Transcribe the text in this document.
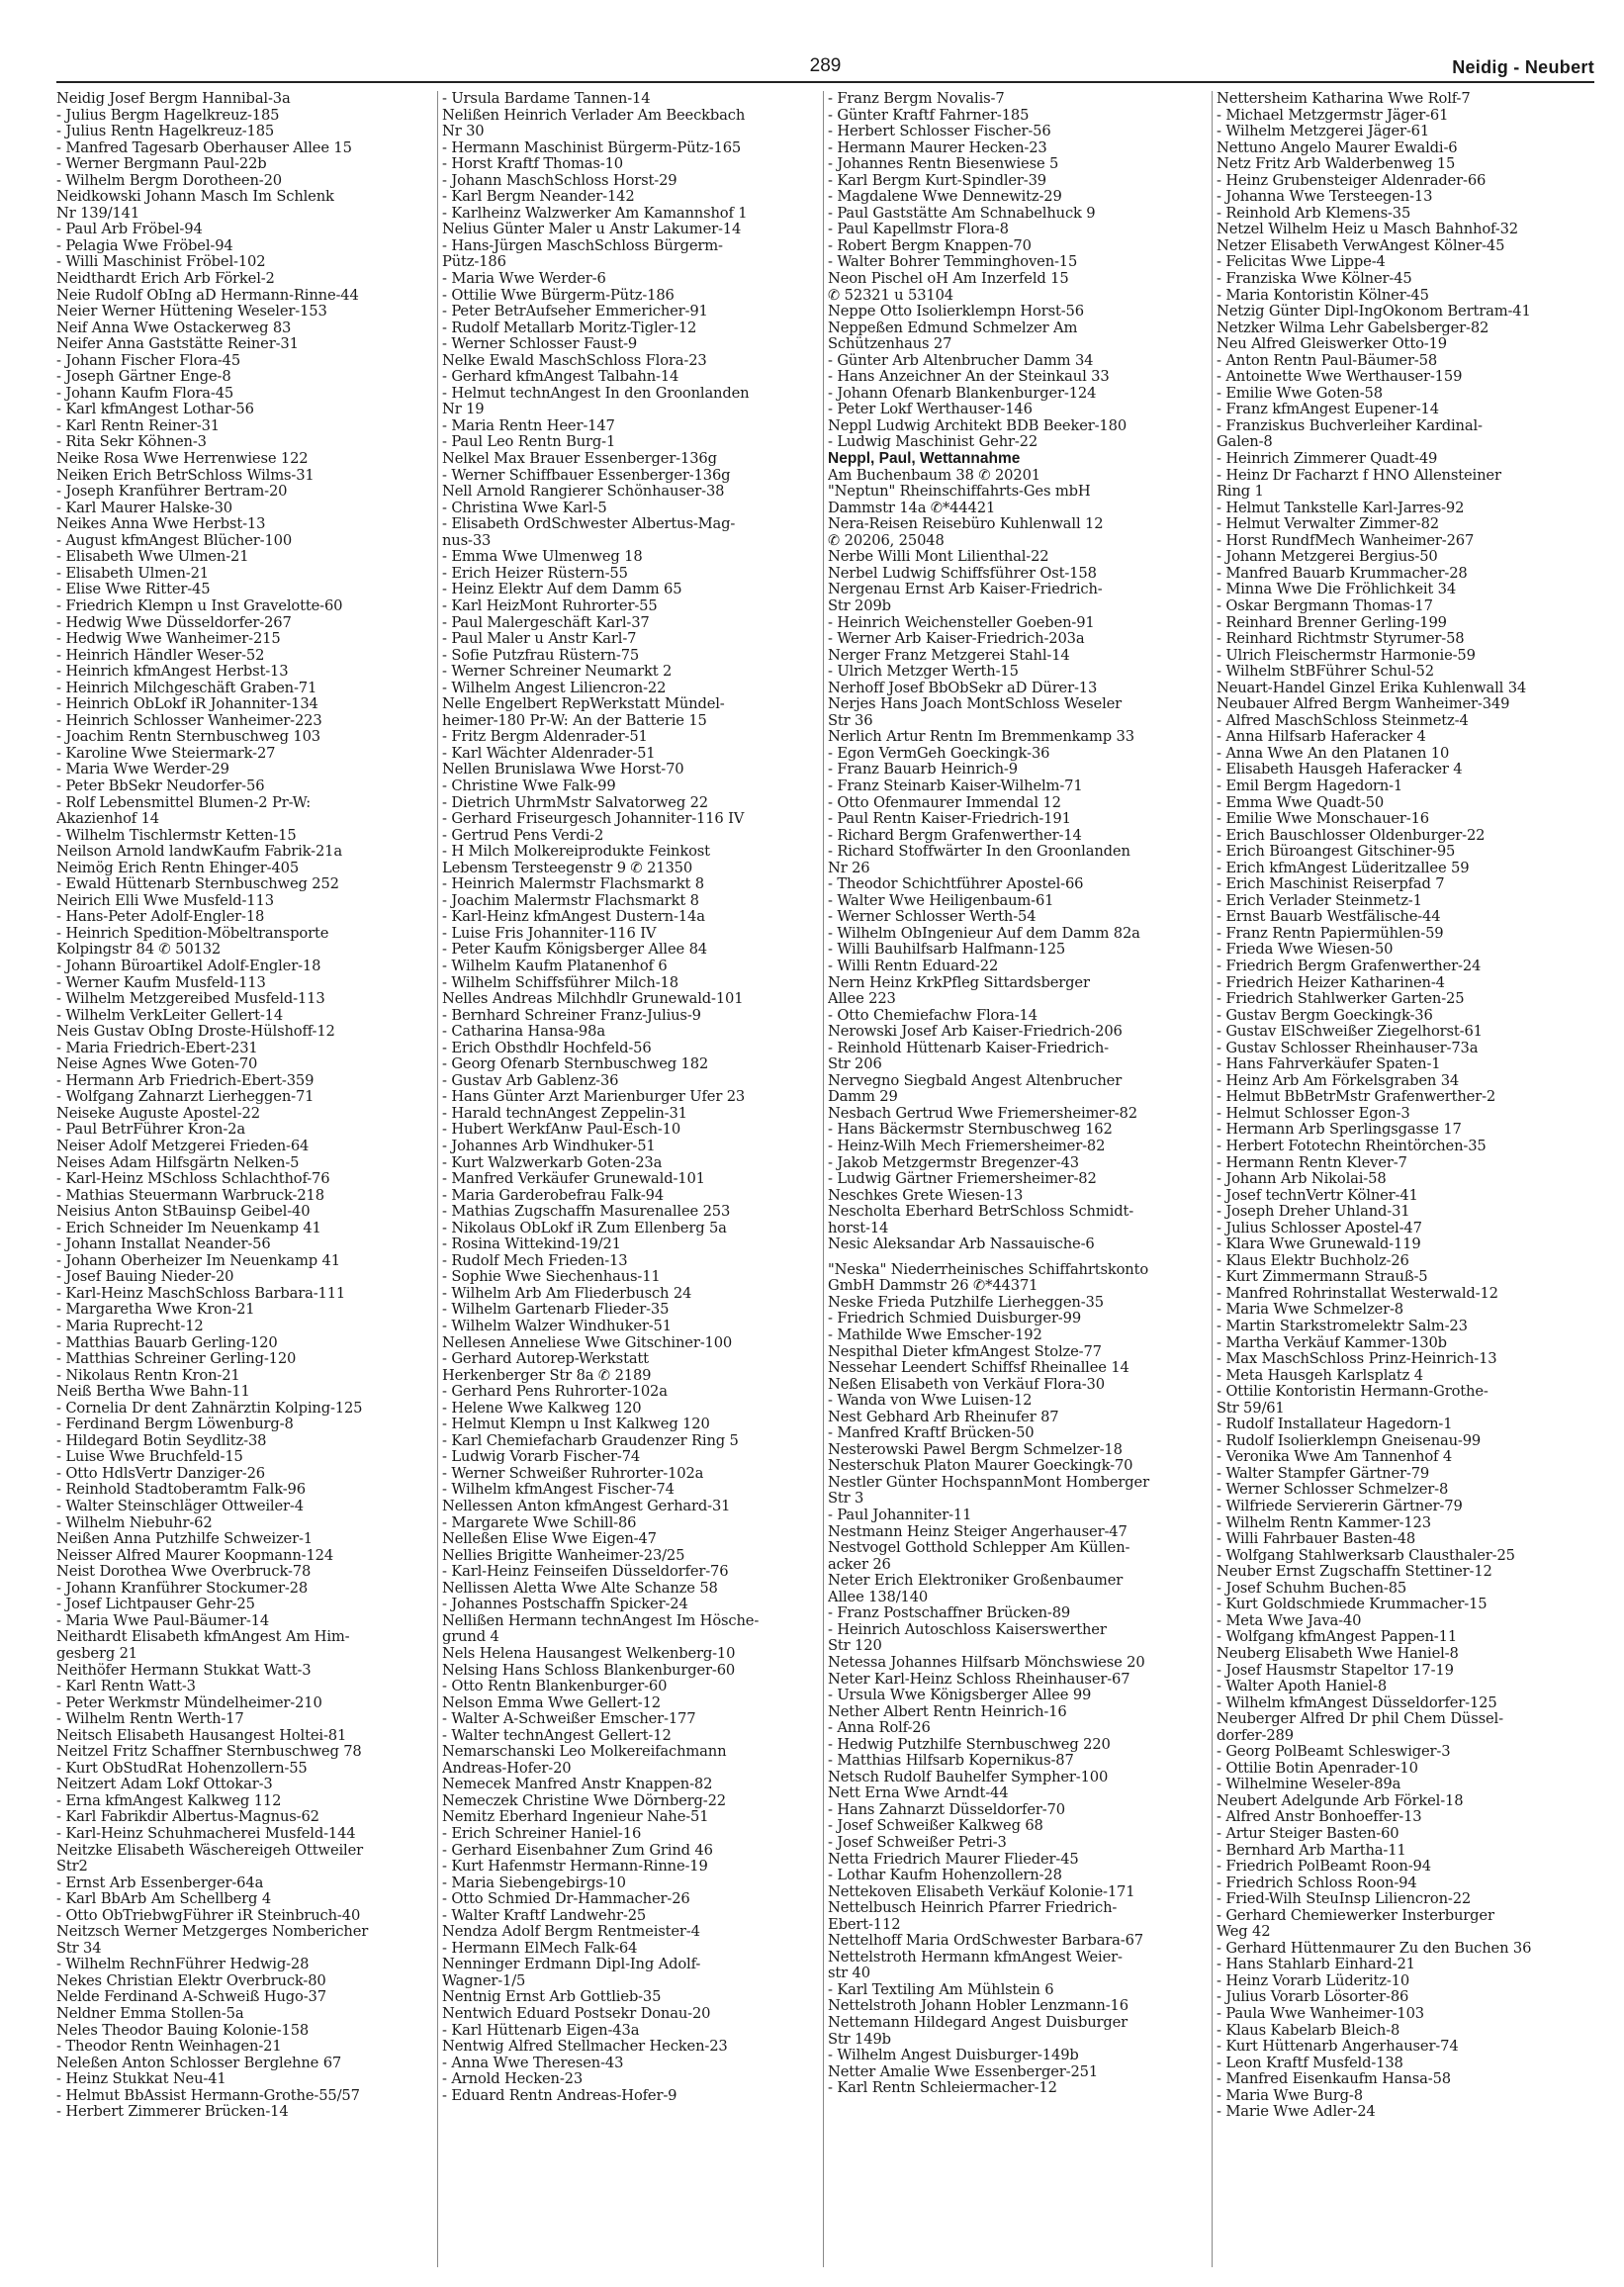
289	Neidig - Neubert
Neidig Josef Bergm Hannibal-3a
- Julius Bergm Hagelkreuz-185
- Julius Rentn Hagelkreuz-185
- Manfred Tagesarb Oberhauser Allee 15
- Werner Bergmann Paul-22b
- Wilhelm Bergm Dorotheen-20
Neidkowski Johann Masch Im Schlenk
Nr 139/141
- Paul Arb Fröbel-94
- Pelagia Wwe Fröbel-94
- Willi Maschinist Fröbel-102
Neidthardt Erich Arb Förkel-2
Neie Rudolf ObIng aD Hermann-Rinne-44
Neier Werner Hüttening Weseler-153
Neif Anna Wwe Ostackerweg 83
Neifer Anna Gaststätte Reiner-31
- Johann Fischer Flora-45
- Joseph Gärtner Enge-8
- Johann Kaufm Flora-45
- Karl kfmAngest Lothar-56
- Karl Rentn Reiner-31
- Rita Sekr Köhnen-3
Neike Rosa Wwe Herrenwiese 122
Neiken Erich BetrSchloss Wilms-31
- Joseph Kranführer Bertram-20
- Karl Maurer Halske-30
Neikes Anna Wwe Herbst-13
- August kfmAngest Blücher-100
- Elisabeth Wwe Ulmen-21
- Elisabeth Ulmen-21
- Elise Wwe Ritter-45
- Friedrich Klempn u Inst Gravelotte-60
- Hedwig Wwe Düsseldorfer-267
- Hedwig Wwe Wanheimer-215
- Heinrich Händler Weser-52
- Heinrich kfmAngest Herbst-13
- Heinrich Milchgeschäft Graben-71
- Heinrich ObLokf iR Johanniter-134
- Heinrich Schlosser Wanheimer-223
- Joachim Rentn Sternbuschweg 103
- Karoline Wwe Steiermark-27
- Maria Wwe Werder-29
- Peter BbSekr Neudorfer-56
- Rolf Lebensmittel Blumen-2 Pr-W:
Akazienhof 14
- Wilhelm Tischlermstr Ketten-15
Neilson Arnold landwKaufm Fabrik-21a
Neimög Erich Rentn Ehinger-405
- Ewald Hüttenarb Sternbuschweg 252
Neirich Elli Wwe Musfeld-113
- Hans-Peter Adolf-Engler-18
- Heinrich Spedition-Möbeltransporte
Kolpingstr 84 ✆ 50132
- Johann Büroartikel Adolf-Engler-18
- Werner Kaufm Musfeld-113
- Wilhelm Metzgereibed Musfeld-113
- Wilhelm VerkLeiter Gellert-14
Neis Gustav ObIng Droste-Hülshoff-12
- Maria Friedrich-Ebert-231
Neise Agnes Wwe Goten-70
- Hermann Arb Friedrich-Ebert-359
- Wolfgang Zahnarzt Lierheggen-71
Neiseke Auguste Apostel-22
- Paul BetrFührer Kron-2a
Neiser Adolf Metzgerei Frieden-64
Neises Adam Hilfsgärtn Nelken-5
- Karl-Heinz MSchloss Schlachthof-76
- Mathias Steuermann Warbruck-218
Neisius Anton StBauinsp Geibel-40
- Erich Schneider Im Neuenkamp 41
- Johann Installat Neander-56
- Johann Oberheizer Im Neuenkamp 41
- Josef Bauing Nieder-20
- Karl-Heinz MaschSchloss Barbara-111
- Margaretha Wwe Kron-21
- Maria Ruprecht-12
- Matthias Bauarb Gerling-120
- Matthias Schreiner Gerling-120
- Nikolaus Rentn Kron-21
Neiß Bertha Wwe Bahn-11
- Cornelia Dr dent Zahnärztin Kolping-125
- Ferdinand Bergm Löwenburg-8
- Hildegard Botin Seydlitz-38
- Luise Wwe Bruchfeld-15
- Otto HdlsVertr Danziger-26
- Reinhold Stadtoberamtm Falk-96
- Walter Steinschläger Ottweiler-4
- Wilhelm Niebuhr-62
Neißen Anna Putzhilfe Schweizer-1
Neisser Alfred Maurer Koopmann-124
Neist Dorothea Wwe Overbruck-78
- Johann Kranführer Stockumer-28
- Josef Lichtpauser Gehr-25
- Maria Wwe Paul-Bäumer-14
Neithardt Elisabeth kfmAngest Am Him-
gesberg 21
Neithöfer Hermann Stukkat Watt-3
- Karl Rentn Watt-3
- Peter Werkmstr Mündelheimer-210
- Wilhelm Rentn Werth-17
Neitsch Elisabeth Hausangest Holtei-81
Neitzel Fritz Schaffner Sternbuschweg 78
- Kurt ObStudRat Hohenzollern-55
Neitzert Adam Lokf Ottokar-3
- Erna kfmAngest Kalkweg 112
- Karl Fabrikdir Albertus-Magnus-62
- Karl-Heinz Schuhmacherei Musfeld-144
Neitzke Elisabeth Wäschereigeh Ottweiler
Str2
- Ernst Arb Essenberger-64a
- Karl BbArb Am Schellberg 4
- Otto ObTriebwgFührer iR Steinbruch-40
Neitzsch Werner Metzgerges Nombericher
Str 34
- Wilhelm RechnFührer Hedwig-28
Nekes Christian Elektr Overbruck-80
Nelde Ferdinand A-Schweiß Hugo-37
Neldner Emma Stollen-5a
Neles Theodor Bauing Kolonie-158
- Theodor Rentn Weinhagen-21
Neleßen Anton Schlosser Berglehne 67
- Heinz Stukkat Neu-41
- Helmut BbAssist Hermann-Grothe-55/57
- Herbert Zimmerer Brücken-14
- Ursula Bardame Tannen-14
Nelißen Heinrich Verlader Am Beeckbach
Nr 30
- Hermann Maschinist Bürgerm-Pütz-165
- Horst Kraftf Thomas-10
- Johann MaschSchloss Horst-29
- Karl Bergm Neander-142
- Karlheinz Walzwerker Am Kamannshof 1
Nelius Günter Maler u Anstr Lakumer-14
- Hans-Jürgen MaschSchloss Bürgerm-
Pütz-186
- Maria Wwe Werder-6
- Ottilie Wwe Bürgerm-Pütz-186
- Peter BetrAufseher Emmericher-91
- Rudolf Metallarb Moritz-Tigler-12
- Werner Schlosser Faust-9
Nelke Ewald MaschSchloss Flora-23
- Gerhard kfmAngest Talbahn-14
- Helmut technAngest In den Groonlanden
Nr 19
- Maria Rentn Heer-147
- Paul Leo Rentn Burg-1
Nelkel Max Brauer Essenberger-136g
- Werner Schiffbauer Essenberger-136g
Nell Arnold Rangierer Schönhauser-38
- Christina Wwe Karl-5
- Elisabeth OrdSchwester Albertus-Mag-
nus-33
- Emma Wwe Ulmenweg 18
- Erich Heizer Rüstern-55
- Heinz Elektr Auf dem Damm 65
- Karl HeizMont Ruhrorter-55
- Paul Malergeschäft Karl-37
- Paul Maler u Anstr Karl-7
- Sofie Putzfrau Rüstern-75
- Werner Schreiner Neumarkt 2
- Wilhelm Angest Liliencron-22
Nelle Engelbert RepWerkstatt Mündel-
heimer-180 Pr-W: An der Batterie 15
- Fritz Bergm Aldenrader-51
- Karl Wächter Aldenrader-51
Nellen Brunislawa Wwe Horst-70
- Christine Wwe Falk-99
- Dietrich UhrmMstr Salvatorweg 22
- Gerhard Friseurgesch Johanniter-116 IV
- Gertrud Pens Verdi-2
- H Milch Molkereiprodukte Feinkost
Lebensm Tersteegenstr 9 ✆ 21350
- Heinrich Malermstr Flachsmarkt 8
- Joachim Malermstr Flachsmarkt 8
- Karl-Heinz kfmAngest Dustern-14a
- Luise Fris Johanniter-116 IV
- Peter Kaufm Königsberger Allee 84
- Wilhelm Kaufm Platanenhof 6
- Wilhelm Schiffsführer Milch-18
Nelles Andreas Milchhdlr Grunewald-101
- Bernhard Schreiner Franz-Julius-9
- Catharina Hansa-98a
- Erich Obsthdlr Hochfeld-56
- Georg Ofenarb Sternbuschweg 182
- Gustav Arb Gablenz-36
- Hans Günter Arzt Marienburger Ufer 23
- Harald technAngest Zeppelin-31
- Hubert WerkfAnw Paul-Esch-10
- Johannes Arb Windhuker-51
- Kurt Walzwerkarb Goten-23a
- Manfred Verkäufer Grunewald-101
- Maria Garderobefrau Falk-94
- Mathias Zugschaffn Masurenallee 253
- Nikolaus ObLokf iR Zum Ellenberg 5a
- Rosina Wittekind-19/21
- Rudolf Mech Frieden-13
- Sophie Wwe Siechenhaus-11
- Wilhelm Arb Am Fliederbusch 24
- Wilhelm Gartenarb Flieder-35
- Wilhelm Walzer Windhuker-51
Nellesen Anneliese Wwe Gitschiner-100
- Gerhard Autorep-Werkstatt
Herkenberger Str 8a ✆ 2189
- Gerhard Pens Ruhrorter-102a
- Helene Wwe Kalkweg 120
- Helmut Klempn u Inst Kalkweg 120
- Karl Chemiefacharb Graudenzer Ring 5
- Ludwig Vorarb Fischer-74
- Werner Schweißer Ruhrorter-102a
- Wilhelm kfmAngest Fischer-74
Nellessen Anton kfmAngest Gerhard-31
- Margarete Wwe Schill-86
Nelleßen Elise Wwe Eigen-47
Nellies Brigitte Wanheimer-23/25
- Karl-Heinz Feinseifen Düsseldorfer-76
Nellissen Aletta Wwe Alte Schanze 58
- Johannes Postschaffn Spicker-24
Nellißen Hermann technAngest Im Hösche-
grund 4
Nels Helena Hausangest Welkenberg-10
Nelsing Hans Schloss Blankenburger-60
- Otto Rentn Blankenburger-60
Nelson Emma Wwe Gellert-12
- Walter A-Schweißer Emscher-177
- Walter technAngest Gellert-12
Nemarschanski Leo Molkereifachmann
Andreas-Hofer-20
Nemecek Manfred Anstr Knappen-82
Nemeczek Christine Wwe Dörnberg-22
Nemitz Eberhard Ingenieur Nahe-51
- Erich Schreiner Haniel-16
- Gerhard Eisenbahner Zum Grind 46
- Kurt Hafenmstr Hermann-Rinne-19
- Maria Siebengebirgs-10
- Otto Schmied Dr-Hammacher-26
- Walter Kraftf Landwehr-25
Nendza Adolf Bergm Rentmeister-4
- Hermann ElMech Falk-64
Nenninger Erdmann Dipl-Ing Adolf-
Wagner-1/5
Nentnig Ernst Arb Gottlieb-35
Nentwich Eduard Postsekr Donau-20
- Karl Hüttenarb Eigen-43a
Nentwig Alfred Stellmacher Hecken-23
- Anna Wwe Theresen-43
- Arnold Hecken-23
- Eduard Rentn Andreas-Hofer-9
- Franz Bergm Novalis-7
- Günter Kraftf Fahrner-185
- Herbert Schlosser Fischer-56
- Hermann Maurer Hecken-23
- Johannes Rentn Biesenwiese 5
- Karl Bergm Kurt-Spindler-39
- Magdalene Wwe Dennewitz-29
- Paul Gaststätte Am Schnabelhuck 9
- Paul Kapellmstr Flora-8
- Robert Bergm Knappen-70
- Walter Bohrer Temminghoven-15
Neon Pischel oH Am Inzerfeld 15
✆ 52321 u 53104
Neppe Otto Isolierklempn Horst-56
Neppeßen Edmund Schmelzer Am
Schützenhaus 27
- Günter Arb Altenbrucher Damm 34
- Hans Anzeichner An der Steinkaul 33
- Johann Ofenarb Blankenburger-124
- Peter Lokf Werthauser-146
Neppl Ludwig Architekt BDB Beeker-180
- Ludwig Maschinist Gehr-22
Neppl, Paul, Wettannahme
Am Buchenbaum 38 ✆ 20201
"Neptun" Rheinschiffahrts-Ges mbH
Dammstr 14a ✆*44421
Nera-Reisen Reisebüro Kuhlenwall 12
✆ 20206, 25048
Nerbe Willi Mont Lilienthal-22
Nerbel Ludwig Schiffsführer Ost-158
Nergenau Ernst Arb Kaiser-Friedrich-
Str 209b
- Heinrich Weichensteller Goeben-91
- Werner Arb Kaiser-Friedrich-203a
Nerger Franz Metzgerei Stahl-14
- Ulrich Metzger Werth-15
Nerhoff Josef BbObSekr aD Dürer-13
Nerjes Hans Joach MontSchloss Weseler
Str 36
Nerlich Artur Rentn Im Bremmenkamp 33
- Egon VermGeh Goeckingk-36
- Franz Bauarb Heinrich-9
- Franz Steinarb Kaiser-Wilhelm-71
- Otto Ofenmaurer Immendal 12
- Paul Rentn Kaiser-Friedrich-191
- Richard Bergm Grafenwerther-14
- Richard Stoffwärter In den Groonlanden
Nr 26
- Theodor Schichtführer Apostel-66
- Walter Wwe Heiligenbaum-61
- Werner Schlosser Werth-54
- Wilhelm ObIngenieur Auf dem Damm 82a
- Willi Bauhilfsarb Halfmann-125
- Willi Rentn Eduard-22
Nern Heinz KrkPfleg Sittardsberger
Allee 223
- Otto Chemiefachw Flora-14
Nerowski Josef Arb Kaiser-Friedrich-206
- Reinhold Hüttenarb Kaiser-Friedrich-
Str 206
Nervegno Siegbald Angest Altenbrucher
Damm 29
Nesbach Gertrud Wwe Friemersheimer-82
- Hans Bäckermstr Sternbuschweg 162
- Heinz-Wilh Mech Friemersheimer-82
- Jakob Metzgermstr Bregenzer-43
- Ludwig Gärtner Friemersheimer-82
Neschkes Grete Wiesen-13
Nescholta Eberhard BetrSchloss Schmidt-
horst-14
Nesic Aleksandar Arb Nassauische-6
"Neska" Niederrheinisches Schiffahrtskonto
GmbH Dammstr 26 ✆*44371
Neske Frieda Putzhilfe Lierheggen-35
- Friedrich Schmied Duisburger-99
- Mathilde Wwe Emscher-192
Nespithal Dieter kfmAngest Stolze-77
Nessehar Leendert Schiffsf Rheinallee 14
Neßen Elisabeth von Verkäuf Flora-30
- Wanda von Wwe Luisen-12
Nest Gebhard Arb Rheinufer 87
- Manfred Kraftf Brücken-50
Nesterowski Pawel Bergm Schmelzer-18
Nesterschuk Platon Maurer Goeckingk-70
Nestler Günter HochspannMont Homberger
Str 3
- Paul Johanniter-11
Nestmann Heinz Steiger Angerhauser-47
Nestvogel Gotthold Schlepper Am Küllen-
acker 26
Neter Erich Elektroniker Großenbaumer
Allee 138/140
- Franz Postschaffner Brücken-89
- Heinrich Autoschloss Kaiserswerther
Str 120
Netessa Johannes Hilfsarb Mönchswiese 20
Neter Karl-Heinz Schloss Rheinhauser-67
- Ursula Wwe Königsberger Allee 99
Nether Albert Rentn Heinrich-16
- Anna Rolf-26
- Hedwig Putzhilfe Sternbuschweg 220
- Matthias Hilfsarb Kopernikus-87
Netsch Rudolf Bauhelfer Sympher-100
Nett Erna Wwe Arndt-44
- Hans Zahnarzt Düsseldorfer-70
- Josef Schweißer Kalkweg 68
- Josef Schweißer Petri-3
Netta Friedrich Maurer Flieder-45
- Lothar Kaufm Hohenzollern-28
Nettekoven Elisabeth Verkäuf Kolonie-171
Nettelbusch Heinrich Pfarrer Friedrich-
Ebert-112
Nettelhoff Maria OrdSchwester Barbara-67
Nettelstroth Hermann kfmAngest Weier-
str 40
- Karl Textiling Am Mühlstein 6
Nettelstroth Johann Hobler Lenzmann-16
Nettemann Hildegard Angest Duisburger
Str 149b
- Wilhelm Angest Duisburger-149b
Netter Amalie Wwe Essenberger-251
- Karl Rentn Schleiermacher-12
Nettersheim Katharina Wwe Rolf-7
- Michael Metzgermstr Jäger-61
- Wilhelm Metzgerei Jäger-61
Nettuno Angelo Maurer Ewaldi-6
Netz Fritz Arb Walderbenweg 15
- Heinz Grubensteiger Aldenrader-66
- Johanna Wwe Tersteegen-13
- Reinhold Arb Klemens-35
Netzel Wilhelm Heiz u Masch Bahnhof-32
Netzer Elisabeth VerwAngest Kölner-45
- Felicitas Wwe Lippe-4
- Franziska Wwe Kölner-45
- Maria Kontoristin Kölner-45
Netzig Günter Dipl-IngÖkonom Bertram-41
Netzker Wilma Lehr Gabelsberger-82
Neu Alfred Gleiswerker Otto-19
- Anton Rentn Paul-Bäumer-58
- Antoinette Wwe Werthauser-159
- Emilie Wwe Goten-58
- Franz kfmAngest Eupener-14
- Franziskus Buchverleiher Kardinal-
Galen-8
- Heinrich Zimmerer Quadt-49
- Heinz Dr Facharzt f HNO Allensteiner
Ring 1
- Helmut Tankstelle Karl-Jarres-92
- Helmut Verwalter Zimmer-82
- Horst RundfMech Wanheimer-267
- Johann Metzgerei Bergius-50
- Manfred Bauarb Krummacher-28
- Minna Wwe Die Fröhlichkeit 34
- Oskar Bergmann Thomas-17
- Reinhard Brenner Gerling-199
- Reinhard Richtmstr Styrumer-58
- Ulrich Fleischermstr Harmonie-59
- Wilhelm StBFührer Schul-52
Neuart-Handel Ginzel Erika Kuhlenwall 34
Neubauer Alfred Bergm Wanheimer-349
- Alfred MaschSchloss Steinmetz-4
- Anna Hilfsarb Haferacker 4
- Anna Wwe An den Platanen 10
- Elisabeth Hausgeh Haferacker 4
- Emil Bergm Hagedorn-1
- Emma Wwe Quadt-50
- Emilie Wwe Monschauer-16
- Erich Bauschlosser Oldenburger-22
- Erich Büroangest Gitschiner-95
- Erich kfmAngest Lüderitzallee 59
- Erich Maschinist Reiserpfad 7
- Erich Verlader Steinmetz-1
- Ernst Bauarb Westfälische-44
- Franz Rentn Papiermühlen-59
- Frieda Wwe Wiesen-50
- Friedrich Bergm Grafenwerther-24
- Friedrich Heizer Katharinen-4
- Friedrich Stahlwerker Garten-25
- Gustav Bergm Goeckingk-36
- Gustav ElSchweißer Ziegelhorst-61
- Gustav Schlosser Rheinhauser-73a
- Hans Fahrverkäufer Spaten-1
- Heinz Arb Am Förkelsgraben 34
- Helmut BbBetrMstr Grafenwerther-2
- Helmut Schlosser Egon-3
- Hermann Arb Sperlingsgasse 17
- Herbert Fototechn Rheintörchen-35
- Hermann Rentn Klever-7
- Johann Arb Nikolai-58
- Josef technVertr Kölner-41
- Joseph Dreher Uhland-31
- Julius Schlosser Apostel-47
- Klara Wwe Grunewald-119
- Klaus Elektr Buchholz-26
- Kurt Zimmermann Strauß-5
- Manfred Rohrinstallat Westerwald-12
- Maria Wwe Schmelzer-8
- Martin Starkstromelektr Salm-23
- Martha Verkäuf Kammer-130b
- Max MaschSchloss Prinz-Heinrich-13
- Meta Hausgeh Karlsplatz 4
- Ottilie Kontoristin Hermann-Grothe-
Str 59/61
- Rudolf Installateur Hagedorn-1
- Rudolf Isolierklempn Gneisenau-99
- Veronika Wwe Am Tannenhof 4
- Walter Stampfer Gärtner-79
- Werner Schlosser Schmelzer-8
- Wilfriede Serviererin Gärtner-79
- Wilhelm Rentn Kammer-123
- Willi Fahrbauer Basten-48
- Wolfgang Stahlwerksarb Clausthaler-25
Neuber Ernst Zugschaffn Stettiner-12
- Josef Schuhm Buchen-85
- Kurt Goldschmiede Krummacher-15
- Meta Wwe Java-40
- Wolfgang kfmAngest Pappen-11
Neuberg Elisabeth Wwe Haniel-8
- Josef Hausmstr Stapeltor 17-19
- Walter Apoth Haniel-8
- Wilhelm kfmAngest Düsseldorfer-125
Neuberger Alfred Dr phil Chem Düssel-
dorfer-289
- Georg PolBeamt Schleswiger-3
- Ottilie Botin Apenrader-10
- Wilhelmine Weseler-89a
Neubert Adelgunde Arb Förkel-18
- Alfred Anstr Bonhoeffer-13
- Artur Steiger Basten-60
- Bernhard Arb Martha-11
- Friedrich PolBeamt Roon-94
- Friedrich Schloss Roon-94
- Fried-Wilh SteuInsp Liliencron-22
- Gerhard Chemiewerker Insterburger
Weg 42
- Gerhard Hüttenmaurer Zu den Buchen 36
- Hans Stahlarb Einhard-21
- Heinz Vorarb Lüderitz-10
- Julius Vorarb Lösorter-86
- Paula Wwe Wanheimer-103
- Klaus Kabelarb Bleich-8
- Kurt Hüttenarb Angerhauser-74
- Leon Kraftf Musfeld-138
- Manfred Eisenkaufm Hansa-58
- Maria Wwe Burg-8
- Marie Wwe Adler-24
